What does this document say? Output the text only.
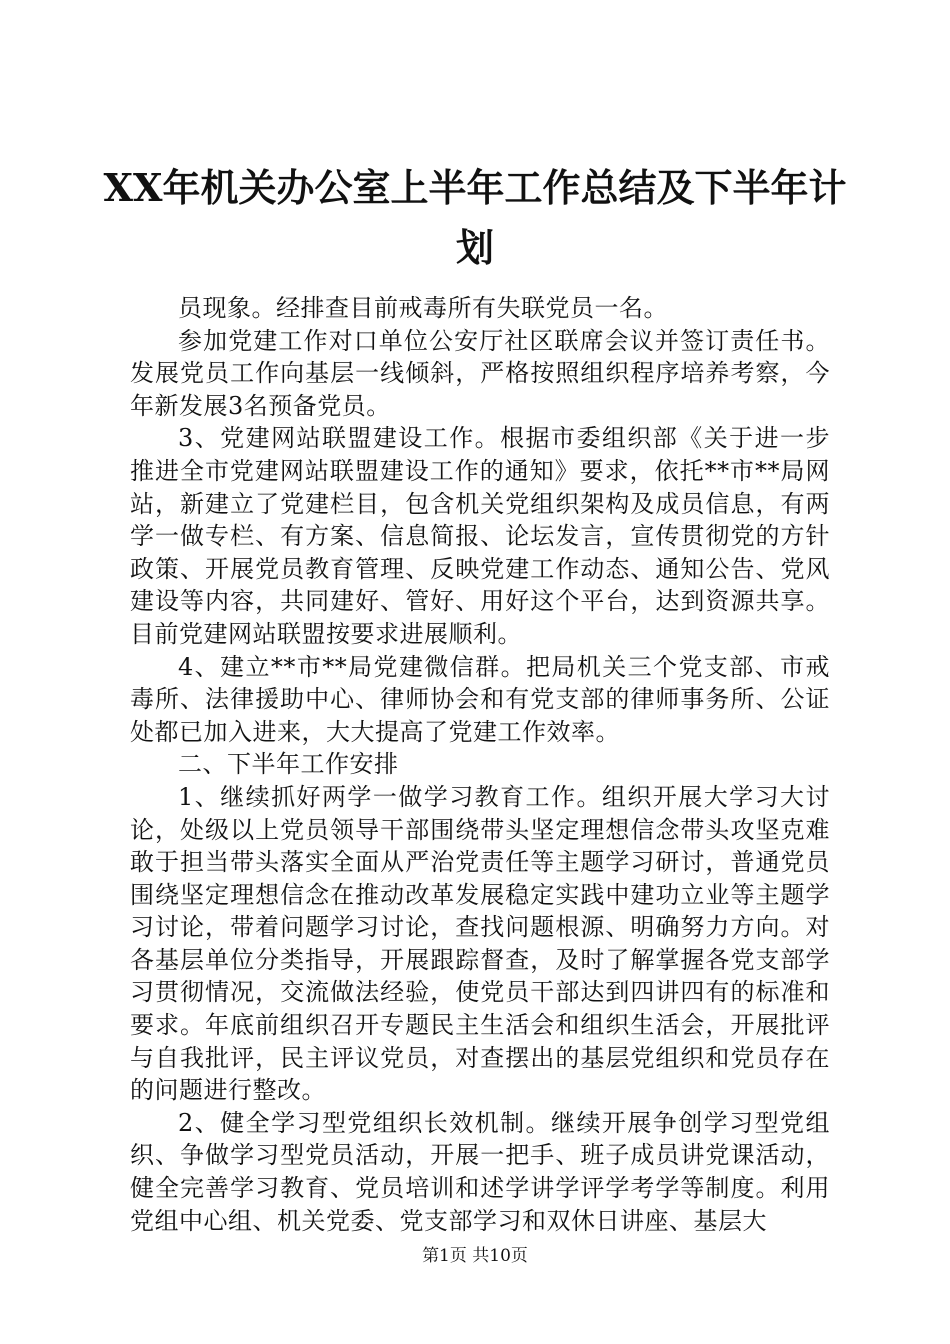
XX年机关办公室上半年工作总结及下半年计划

员现象。经排查目前戒毒所有失联党员一名。

参加党建工作对口单位公安厅社区联席会议并签订责任书。发展党员工作向基层一线倾斜，严格按照组织程序培养考察，今年新发展3名预备党员。

3、党建网站联盟建设工作。根据市委组织部《关于进一步推进全市党建网站联盟建设工作的通知》要求，依托**市**局网站，新建立了党建栏目，包含机关党组织架构及成员信息，有两学一做专栏、有方案、信息简报、论坛发言，宣传贯彻党的方针政策、开展党员教育管理、反映党建工作动态、通知公告、党风建设等内容，共同建好、管好、用好这个平台，达到资源共享。目前党建网站联盟按要求进展顺利。

4、建立**市**局党建微信群。把局机关三个党支部、市戒毒所、法律援助中心、律师协会和有党支部的律师事务所、公证处都已加入进来，大大提高了党建工作效率。

二、下半年工作安排

1、继续抓好两学一做学习教育工作。组织开展大学习大讨论，处级以上党员领导干部围绕带头坚定理想信念带头攻坚克难敢于担当带头落实全面从严治党责任等主题学习研讨，普通党员围绕坚定理想信念在推动改革发展稳定实践中建功立业等主题学习讨论，带着问题学习讨论，查找问题根源、明确努力方向。对各基层单位分类指导，开展跟踪督查，及时了解掌握各党支部学习贯彻情况，交流做法经验，使党员干部达到四讲四有的标准和要求。年底前组织召开专题民主生活会和组织生活会，开展批评与自我批评，民主评议党员，对查摆出的基层党组织和党员存在的问题进行整改。

2、健全学习型党组织长效机制。继续开展争创学习型党组织、争做学习型党员活动，开展一把手、班子成员讲党课活动，健全完善学习教育、党员培训和述学讲学评学考学等制度。利用党组中心组、机关党委、党支部学习和双休日讲座、基层大

第1页 共10页
